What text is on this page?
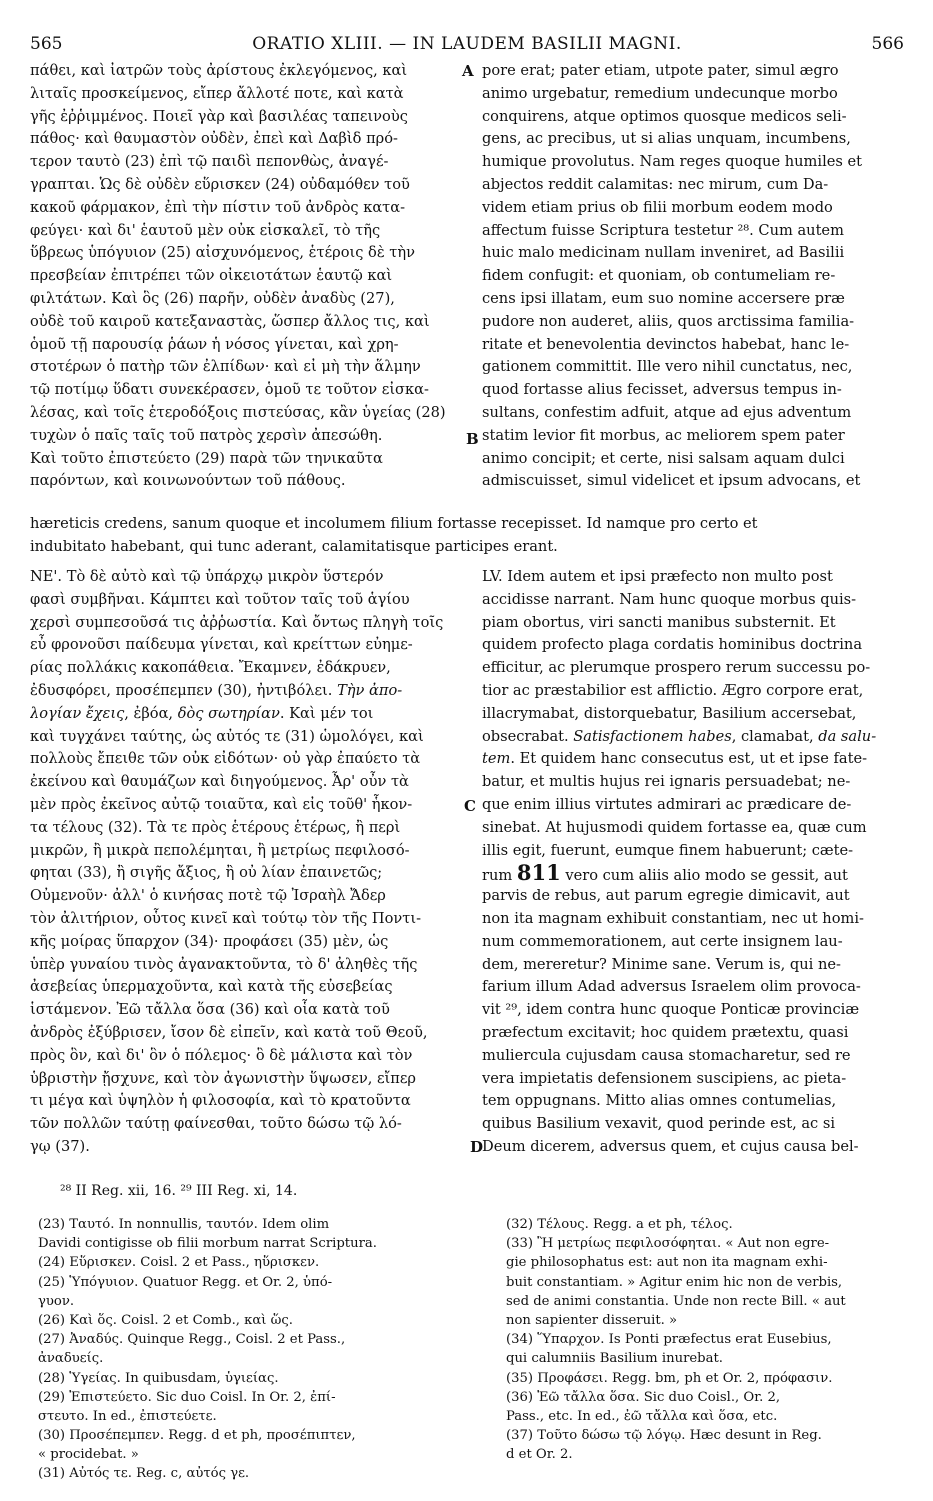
565	ORATIO XLIII. — IN LAUDEM BASILII MAGNI.	566
πάθει, καὶ ἰατρῶν τοὺς ἀρίστους ἐκλεγόμενος, καὶ
λιταῖς προσκείμενος, εἴπερ ἄλλοτέ ποτε, καὶ κατὰ
γῆς ἐῤῥιμμένος. Ποιεῖ γὰρ καὶ βασιλέας ταπεινοὺς
πάθος· καὶ θαυμαστὸν οὐδὲν, ἐπεὶ καὶ Δαβὶδ πρό-
τερον ταυτὸ (23) ἐπὶ τῷ παιδὶ πεπονθὼς, ἀναγέ-
γραπται. Ὡς δὲ οὐδὲν εὕρισκεν (24) οὐδαμόθεν τοῦ
κακοῦ φάρμακον, ἐπὶ τὴν πίστιν τοῦ ἀνδρὸς κατα-
φεύγει· καὶ δι' ἑαυτοῦ μὲν οὐκ εἰσκαλεῖ, τὸ τῆς
ὕβρεως ὑπόγυιον (25) αἰσχυνόμενος, ἑτέροις δὲ τὴν
πρεσβείαν ἐπιτρέπει τῶν οἰκειοτάτων ἑαυτῷ καὶ
φιλτάτων. Καὶ ὃς (26) παρῆν, οὐδὲν ἀναδὺς (27),
οὐδὲ τοῦ καιροῦ κατεξαναστὰς, ὥσπερ ἄλλος τις, καὶ
ὁμοῦ τῇ παρουσίᾳ ῥάων ἡ νόσος γίνεται, καὶ χρη-
στοτέρων ὁ πατὴρ τῶν ἐλπίδων· καὶ εἰ μὴ τὴν ἅλμην
τῷ ποτίμῳ ὕδατι συνεκέρασεν, ὁμοῦ τε τοῦτον εἰσκα-
λέσας, καὶ τοῖς ἑτεροδόξοις πιστεύσας, κἂν ὑγείας (28)
τυχὼν ὁ παῖς ταῖς τοῦ πατρὸς χερσὶν ἀπεσώθη.
Καὶ τοῦτο ἐπιστεύετο (29) παρὰ τῶν τηνικαῦτα
παρόντων, καὶ κοινωνούντων τοῦ πάθους.
pore erat; pater etiam, utpote pater, simul ægro
animo urgebatur, remedium undecunque morbo
conquirens, atque optimos quosque medicos seli-
gens, ac precibus, ut si alias unquam, incumbens,
humique provolutus. Nam reges quoque humiles et
abjectos reddit calamitas: nec mirum, cum Da-
videm etiam prius ob filii morbum eodem modo
affectum fuisse Scriptura testetur ²⁸. Cum autem
huic malo medicinam nullam inveniret, ad Basilii
fidem confugit: et quoniam, ob contumeliam re-
cens ipsi illatam, eum suo nomine accersere præ
pudore non auderet, aliis, quos arctissima familia-
ritate et benevolentia devinctos habebat, hanc le-
gationem committit. Ille vero nihil cunctatus, nec,
quod fortasse alius fecisset, adversus tempus in-
sultans, confestim adfuit, atque ad ejus adventum
statim levior fit morbus, ac meliorem spem pater
animo concipit; et certe, nisi salsam aquam dulci
admiscuisset, simul videlicet et ipsum advocans, et
A
B
hæreticis credens, sanum quoque et incolumem filium fortasse recepisset. Id namque pro certo et
indubitato habebant, qui tunc aderant, calamitatisque participes erant.
ΝΕ'. Τὸ δὲ αὐτὸ καὶ τῷ ὑπάρχῳ μικρὸν ὕστερόν
φασὶ συμβῆναι. Κάμπτει καὶ τοῦτον ταῖς τοῦ ἁγίου
χερσὶ συμπεσοῦσά τις ἀῤῥωστία. Καὶ ὄντως πληγὴ τοῖς
εὖ φρονοῦσι παίδευμα γίνεται, καὶ κρείττων εὐημε-
ρίας πολλάκις κακοπάθεια. Ἔκαμνεν, ἐδάκρυεν,
ἐδυσφόρει, προσέπεμπεν (30), ἠντιβόλει. Τὴν ἀπο-
λογίαν ἔχεις, ἐβόα, δὸς σωτηρίαν. Καὶ μέν τοι
καὶ τυγχάνει ταύτης, ὡς αὐτός τε (31) ὡμολόγει, καὶ
πολλοὺς ἔπειθε τῶν οὐκ εἰδότων· οὐ γὰρ ἐπαύετο τὰ
ἐκείνου καὶ θαυμάζων καὶ διηγούμενος. Ἆρ' οὖν τὰ
μὲν πρὸς ἐκεῖνος αὐτῷ τοιαῦτα, καὶ εἰς τοῦθ' ἧκον-
τα τέλους (32). Τὰ τε πρὸς ἑτέρους ἑτέρως, ἢ περὶ
μικρῶν, ἢ μικρὰ πεπολέμηται, ἢ μετρίως πεφιλοσό-
φηται (33), ἢ σιγῆς ἄξιος, ἢ οὐ λίαν ἐπαινετῶς;
Οὐμενοῦν· ἀλλ' ὁ κινήσας ποτὲ τῷ Ἰσραὴλ Ἄδερ
τὸν ἀλιτήριον, οὗτος κινεῖ καὶ τούτῳ τὸν τῆς Ποντι-
κῆς μοίρας ὕπαρχον (34)· προφάσει (35) μὲν, ὡς
ὑπὲρ γυναίου τινὸς ἀγανακτοῦντα, τὸ δ' ἀληθὲς τῆς
ἀσεβείας ὑπερμαχοῦντα, καὶ κατὰ τῆς εὐσεβείας
ἱστάμενον. Ἐῶ τἄλλα ὅσα (36) καὶ οἷα κατὰ τοῦ
ἀνδρὸς ἐξύβρισεν, ἴσον δὲ εἰπεῖν, καὶ κατὰ τοῦ Θεοῦ,
πρὸς ὃν, καὶ δι' ὃν ὁ πόλεμος· ὃ δὲ μάλιστα καὶ τὸν
ὑβριστὴν ᾔσχυνε, καὶ τὸν ἀγωνιστὴν ὕψωσεν, εἴπερ
τι μέγα καὶ ὑψηλὸν ἡ φιλοσοφία, καὶ τὸ κρατοῦντα
τῶν πολλῶν ταύτῃ φαίνεσθαι, τοῦτο δώσω τῷ λό-
γῳ (37).
LV. Idem autem et ipsi præfecto non multo post
accidisse narrant. Nam hunc quoque morbus quis-
piam obortus, viri sancti manibus substernit. Et
quidem profecto plaga cordatis hominibus doctrina
efficitur, ac plerumque prospero rerum successu po-
tior ac præstabilior est afflictio. Ægro corpore erat,
illacrymabat, distorquebatur, Basilium accersebat,
obsecrabat. Satisfactionem habes, clamabat, da salu-
tem. Et quidem hanc consecutus est, ut et ipse fate-
batur, et multis hujus rei ignaris persuadebat; ne-
que enim illius virtutes admirari ac prædicare de-
sinebat. At hujusmodi quidem fortasse ea, quæ cum
illis egit, fuerunt, eumque finem habuerunt; cæte-
rum 811 vero cum aliis alio modo se gessit, aut
parvis de rebus, aut parum egregie dimicavit, aut
non ita magnam exhibuit constantiam, nec ut homi-
num commemorationem, aut certe insignem lau-
dem, mereretur? Minime sane. Verum is, qui ne-
farium illum Adad adversus Israelem olim provoca-
vit ²⁹, idem contra hunc quoque Ponticæ provinciæ
præfectum excitavit; hoc quidem prætextu, quasi
muliercula cujusdam causa stomacharetur, sed re
vera impietatis defensionem suscipiens, ac pieta-
tem oppugnans. Mitto alias omnes contumelias,
quibus Basilium vexavit, quod perinde est, ac si
Deum dicerem, adversus quem, et cujus causa bel-
C
D
²⁸ II Reg. xii, 16. ²⁹ III Reg. xi, 14.
(23) Ταυτό. In nonnullis, ταυτόν. Idem olim
Davidi contigisse ob filii morbum narrat Scriptura.
(24) Εὕρισκεν. Coisl. 2 et Pass., ηὕρισκεν.
(25) Ὑπόγυιον. Quatuor Regg. et Or. 2, ὑπό-
γυον.
(26) Καὶ ὅς. Coisl. 2 et Comb., καὶ ὥς.
(27) Ἀναδύς. Quinque Regg., Coisl. 2 et Pass.,
ἀναδυείς.
(28) Ὑγείας. In quibusdam, ὑγιείας.
(29) Ἐπιστεύετο. Sic duo Coisl. In Or. 2, ἐπί-
στευτο. In ed., ἐπιστεύετε.
(30) Προσέπεμπεν. Regg. d et ph, προσέπιπτεν,
« procidebat. »
(31) Αὐτός τε. Reg. c, αὐτός γε.
(32) Τέλους. Regg. a et ph, τέλος.
(33) Ἢ μετρίως πεφιλοσόφηται. « Aut non egre-
gie philosophatus est: aut non ita magnam exhi-
buit constantiam. » Agitur enim hic non de verbis,
sed de animi constantia. Unde non recte Bill. « aut
non sapienter disseruit. »
(34) Ὕπαρχον. Is Ponti præfectus erat Eusebius,
qui calumniis Basilium inurebat.
(35) Προφάσει. Regg. bm, ph et Or. 2, πρόφασιν.
(36) Ἐῶ τἄλλα ὅσα. Sic duo Coisl., Or. 2,
Pass., etc. In ed., ἐῶ τἄλλα καὶ ὅσα, etc.
(37) Τοῦτο δώσω τῷ λόγῳ. Hæc desunt in Reg.
d et Or. 2.
